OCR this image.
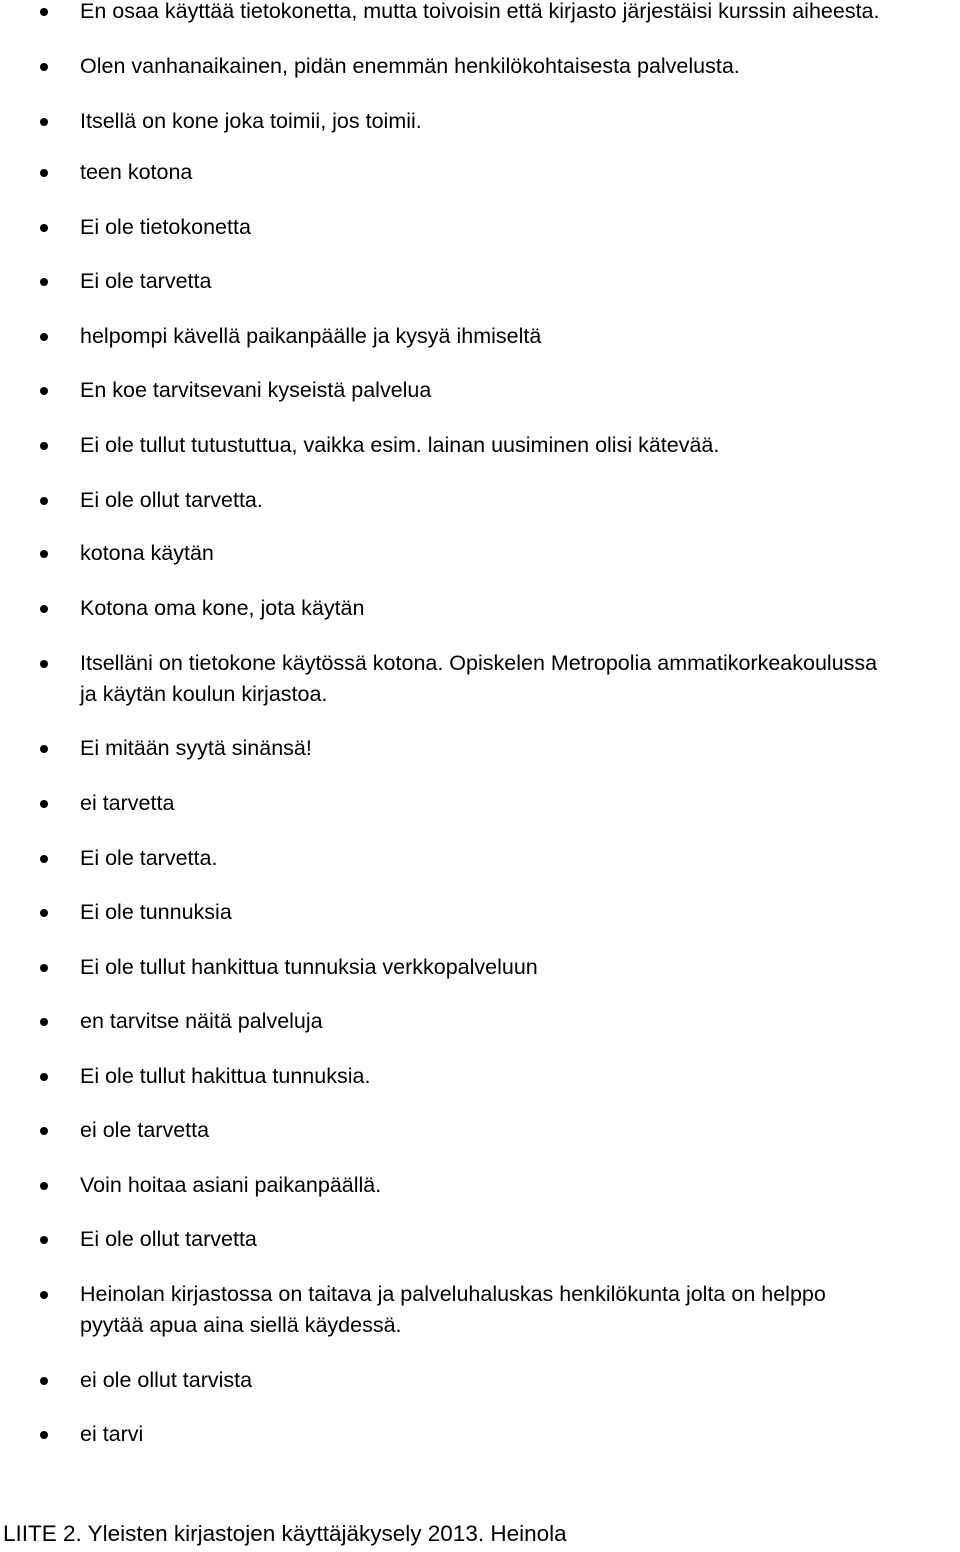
En osaa käyttää tietokonetta, mutta toivoisin että kirjasto järjestäisi kurssin aiheesta.
Olen vanhanaikainen, pidän enemmän henkilökohtaisesta palvelusta.
Itsellä on kone joka toimii, jos toimii.
teen kotona
Ei ole tietokonetta
Ei ole tarvetta
helpompi kävellä paikanpäälle ja kysyä ihmiseltä
En koe tarvitsevani kyseistä palvelua
Ei ole tullut tutustuttua, vaikka esim. lainan uusiminen olisi kätevää.
Ei ole ollut tarvetta.
kotona käytän
Kotona oma kone, jota käytän
Itselläni on tietokone käytössä kotona. Opiskelen Metropolia ammatikorkeakoulussa
ja käytän koulun kirjastoa.
Ei mitään syytä sinänsä!
ei tarvetta
Ei ole tarvetta.
Ei ole tunnuksia
Ei ole tullut hankittua tunnuksia verkkopalveluun
en tarvitse näitä palveluja
Ei ole tullut hakittua tunnuksia.
ei ole tarvetta
Voin hoitaa asiani paikanpäällä.
Ei ole ollut tarvetta
Heinolan kirjastossa on taitava ja palveluhaluskas henkilökunta jolta on helppo
pyytää apua aina siellä käydessä.
ei ole ollut tarvista
ei tarvi
LIITE 2. Yleisten kirjastojen käyttäjäkysely 2013. Heinola
